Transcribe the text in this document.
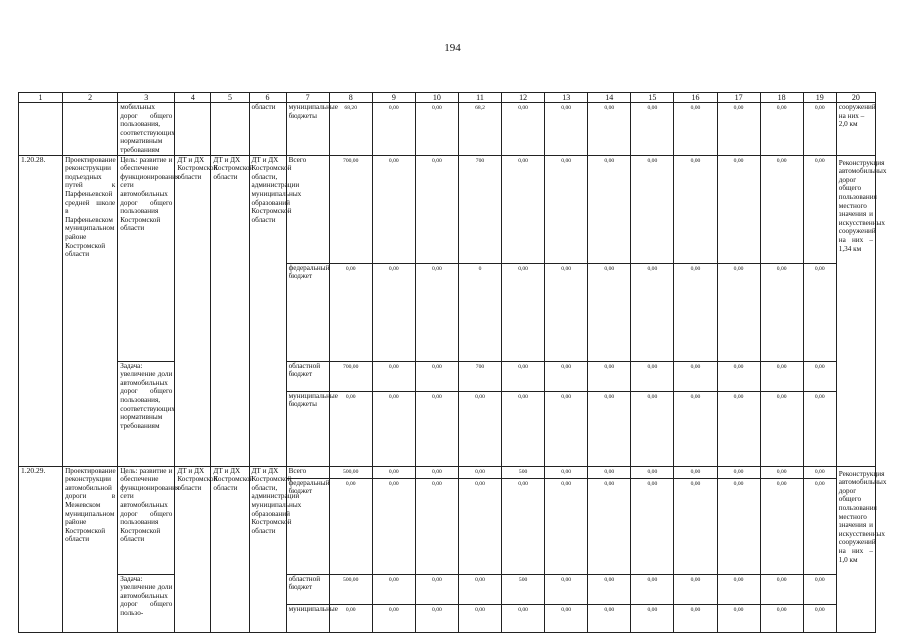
194
1	2	3	4	5	6	7	8	9	10	11	12	13	14	15	16	17	18	19	20
		мобильных дорог общего пользования, соответствующих нормативным требованиям			области	муниципальные бюджеты	68,20	0,00	0,00	68,2	0,00	0,00	0,00	0,00	0,00	0,00	0,00	0,00	сооружений на них – 2,0 км
1.20.28.	Проектирование реконструкции подъездных путей к Парфеньевской средней школе в Парфеньевском муниципальном районе Костромской области	Цель: развитие и обеспечение функционирования сети автомобильных дорог общего пользования Костромской области	ДТ и ДХ Костромской области	ДТ и ДХ Костромской области	ДТ и ДХ Костромской области, администрации муниципальных образований Костромской области	Всего	700,00	0,00	0,00	700	0,00	0,00	0,00	0,00	0,00	0,00	0,00	0,00	Реконструкция автомобильных дорог общего пользования местного значения и искусственных сооружений на них – 1,34 км
						федеральный бюджет	0,00	0,00	0,00	0	0,00	0,00	0,00	0,00	0,00	0,00	0,00	0,00	
		Задача: увеличение доли автомобильных дорог общего пользования, соответствующих нормативным требованиям				областной бюджет	700,00	0,00	0,00	700	0,00	0,00	0,00	0,00	0,00	0,00	0,00	0,00	
						муниципальные бюджеты	0,00	0,00	0,00	0,00	0,00	0,00	0,00	0,00	0,00	0,00	0,00	0,00	
1.20.29.	Проектирование реконструкции автомобильной дороги в Межевском муниципальном районе Костромской области	Цель: развитие и обеспечение функционирования сети автомобильных дорог общего пользования Костромской области	ДТ и ДХ Костромской области	ДТ и ДХ Костромской области	ДТ и ДХ Костромской области, администрации муниципальных образований Костромской области	Всего	500,00	0,00	0,00	0,00	500	0,00	0,00	0,00	0,00	0,00	0,00	0,00	Реконструкция автомобильных дорог общего пользования местного значения и искусственных сооружений на них – 1,0 км
						федеральный бюджет	0,00	0,00	0,00	0,00	0,00	0,00	0,00	0,00	0,00	0,00	0,00	0,00	
		Задача: увеличение доли автомобильных дорог общего пользо-				областной бюджет	500,00	0,00	0,00	0,00	500	0,00	0,00	0,00	0,00	0,00	0,00	0,00	
						муниципальные	0,00	0,00	0,00	0,00	0,00	0,00	0,00	0,00	0,00	0,00	0,00	0,00	
